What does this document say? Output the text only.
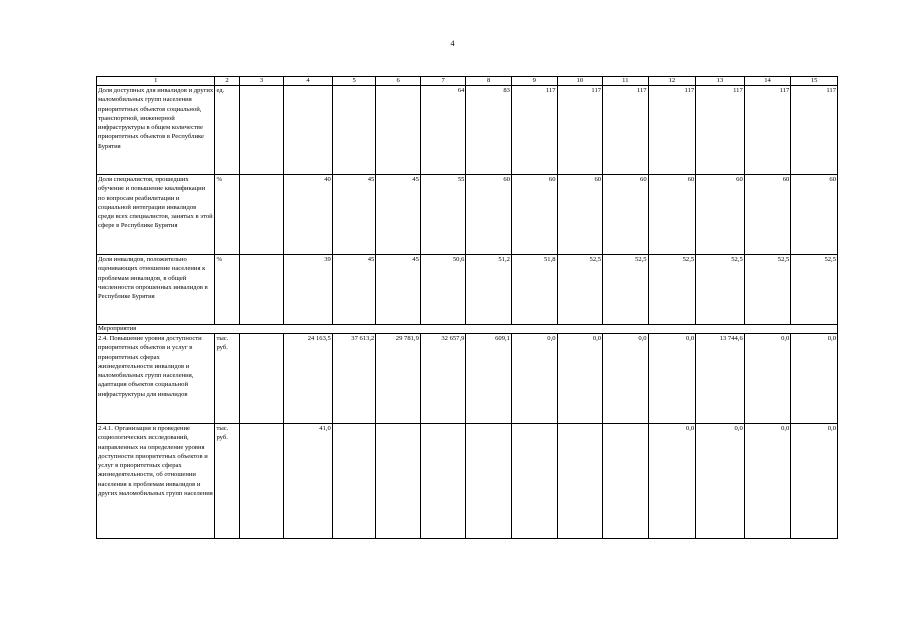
4
1	2	3	4	5	6	7	8	9	10	11	12	13	14	15
Доля доступных для инвалидов и других маломобильных групп населения приоритетных объектов социальной, транспортной, инженерной инфраструктуры в общем количестве приоритетных объектов в Республике Бурятия	ед.					64	83	117	117	117	117	117	117	117
Доля специалистов, прошедших обучение и повышение квалификации по вопросам реабилитации и социальной интеграции инвалидов среди всех специалистов, занятых в этой сфере в Республике Бурятия	%		40	45	45	55	60	60	60	60	60	60	60	60
Доля инвалидов, положительно оценивающих отношение населения к проблемам инвалидов, в общей численности опрошенных инвалидов в Республике Бурятия	%		39	45	45	50,6	51,2	51,8	52,5	52,5	52,5	52,5	52,5	52,5
Мероприятия														
2.4. Повышение уровня доступности приоритетных объектов и услуг в приоритетных сферах жизнедеятельности инвалидов и маломобильных групп населения, адаптация объектов социальной инфраструктуры для инвалидов	тыс. руб.		24 163,5	37 613,2	29 781,9	32 657,9	609,1	0,0	0,0	0,0	0,0	13 744,6	0,0	0,0
2.4.1. Организация и проведение социологических исследований, направленных на определение уровня доступности приоритетных объектов и услуг в приоритетных сферах жизнедеятельности, об отношении населения к проблемам инвалидов и других маломобильных групп населения	тыс. руб.		41,0								0,0	0,0	0,0	0,0
